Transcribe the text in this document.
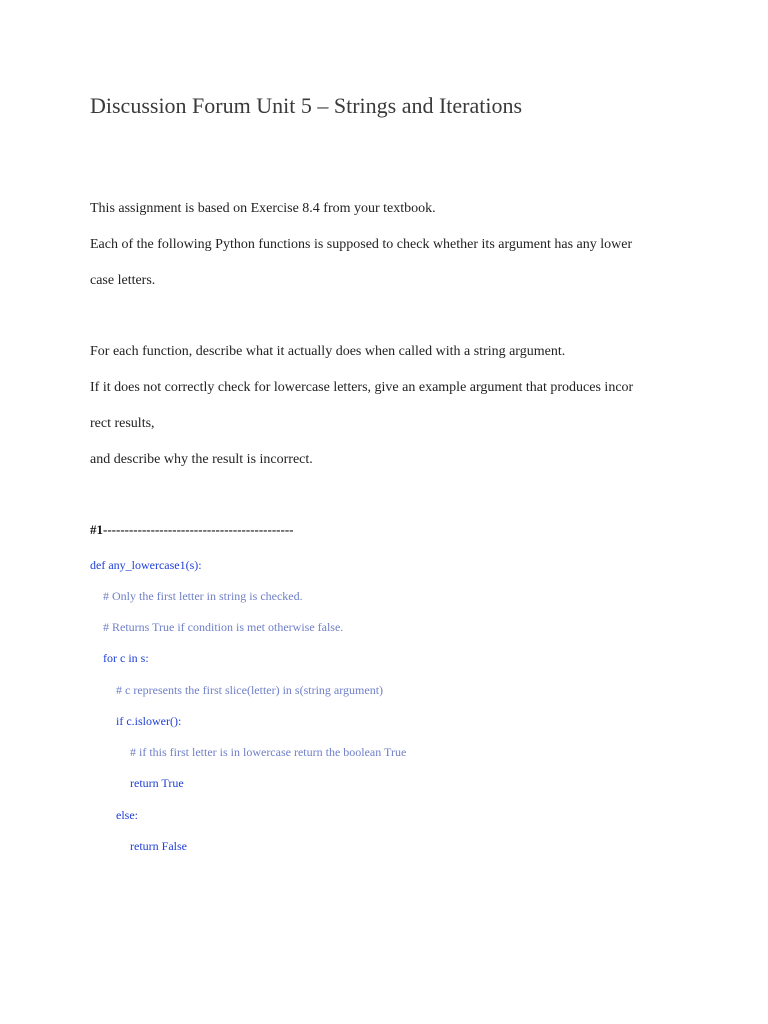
Discussion Forum Unit 5 – Strings and Iterations
This assignment is based on Exercise 8.4 from your textbook.
Each of the following Python functions is supposed to check whether its argument has any lower
case letters.
For each function, describe what it actually does when called with a string argument.
If it does not correctly check for lowercase letters, give an example argument that produces incor
rect results,
and describe why the result is incorrect.
#1--------------------------------------------
def any_lowercase1(s):
# Only the first letter in string is checked.
# Returns True if condition is met otherwise false.
for c in s:
# c represents the first slice(letter) in s(string argument)
if c.islower():
# if this first letter is in lowercase return the boolean True
return True
else:
return False
